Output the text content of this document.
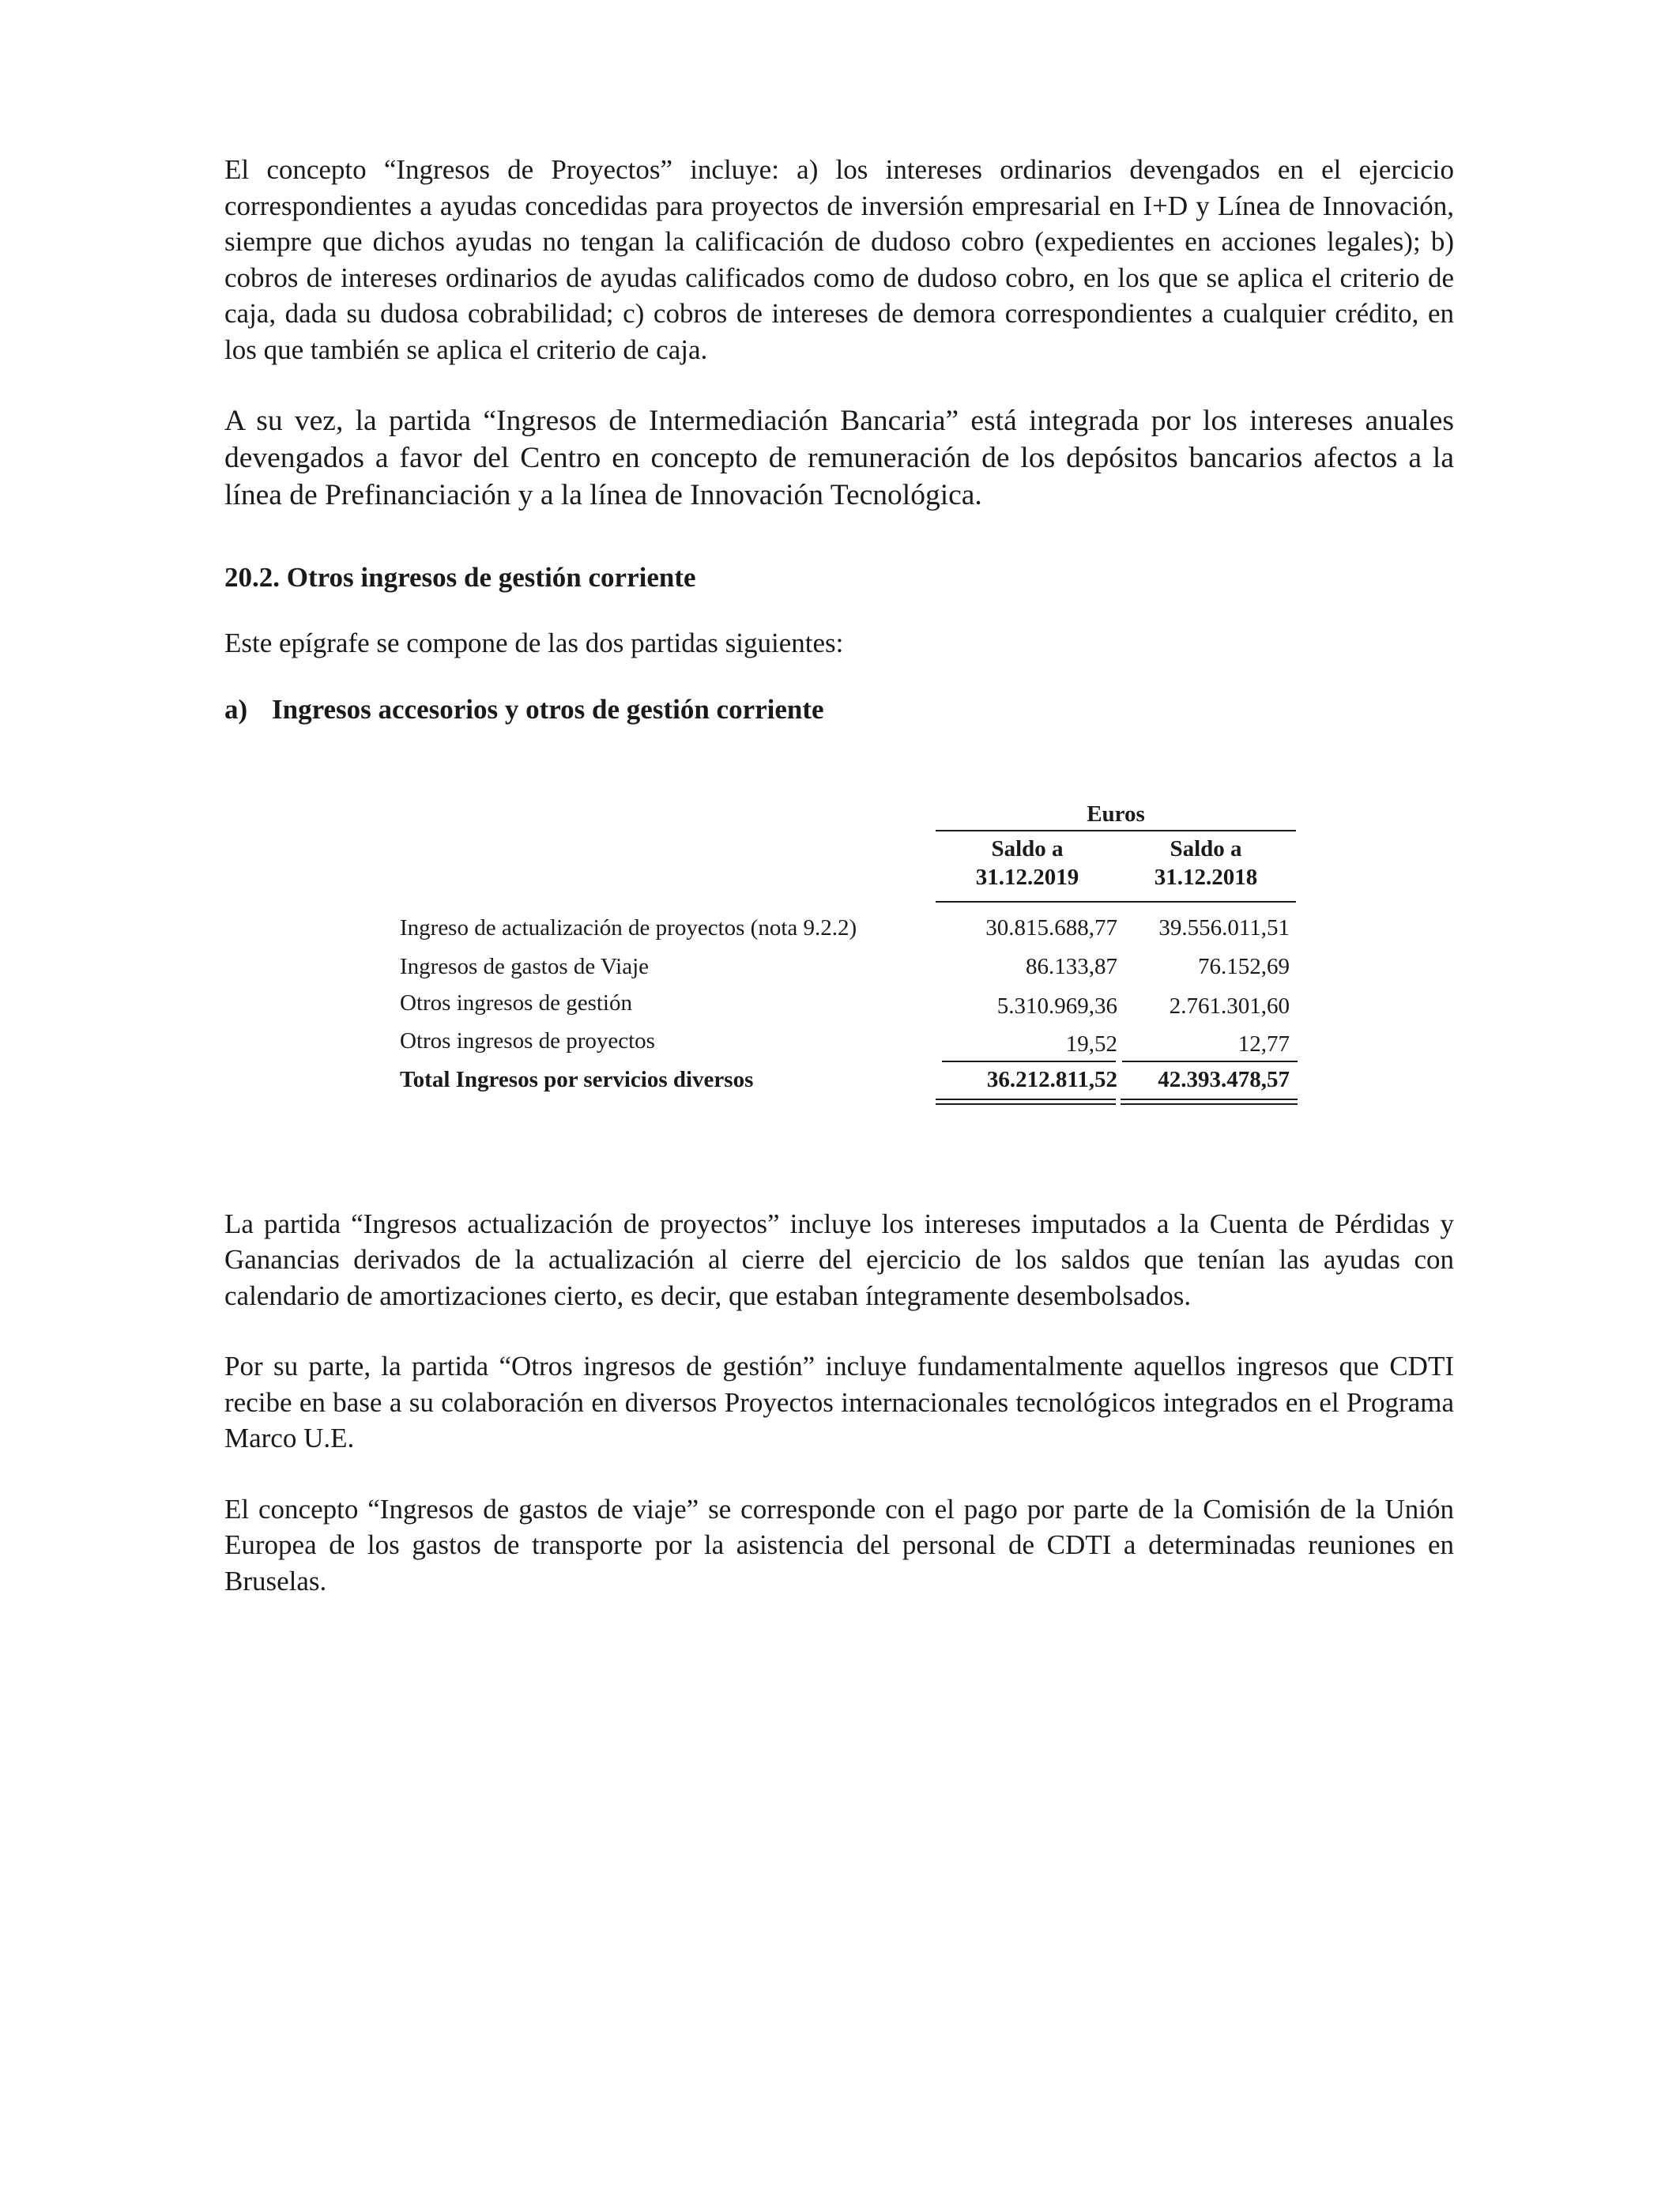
El concepto “Ingresos de Proyectos” incluye: a) los intereses ordinarios devengados en el ejercicio correspondientes a ayudas concedidas para proyectos de inversión empresarial en I+D y Línea de Innovación, siempre que dichos ayudas no tengan la calificación de dudoso cobro (expedientes en acciones legales); b) cobros de intereses ordinarios de ayudas calificados como de dudoso cobro, en los que se aplica el criterio de caja, dada su dudosa cobrabilidad; c) cobros de intereses de demora correspondientes a cualquier crédito, en los que también se aplica el criterio de caja.

A su vez, la partida “Ingresos de Intermediación Bancaria” está integrada por los intereses anuales devengados a favor del Centro en concepto de remuneración de los depósitos bancarios afectos a la línea de Prefinanciación y a la línea de Innovación Tecnológica.

20.2. Otros ingresos de gestión corriente

Este epígrafe se compone de las dos partidas siguientes:

a) Ingresos accesorios y otros de gestión corriente
Euros
Saldo a
31.12.2019
Saldo a
31.12.2018
Ingreso de actualización de proyectos (nota 9.2.2)	30.815.688,77 39.556.011,51
Ingresos de gastos de Viaje	86.133,87	76.152,69
Otros ingresos de gestión	5.310.969,36 2.761.301,60
Otros ingresos de proyectos	19,52	12,77
Total Ingresos por servicios diversos	36.212.811,52 42.393.478,57

La partida “Ingresos actualización de proyectos” incluye los intereses imputados a la Cuenta de Pérdidas y Ganancias derivados de la actualización al cierre del ejercicio de los saldos que tenían las ayudas con calendario de amortizaciones cierto, es decir, que estaban íntegramente desembolsados.

Por su parte, la partida “Otros ingresos de gestión” incluye fundamentalmente aquellos ingresos que CDTI recibe en base a su colaboración en diversos Proyectos internacionales tecnológicos integrados en el Programa Marco U.E.

El concepto “Ingresos de gastos de viaje” se corresponde con el pago por parte de la Comisión de la Unión Europea de los gastos de transporte por la asistencia del personal de CDTI a determinadas reuniones en Bruselas.
